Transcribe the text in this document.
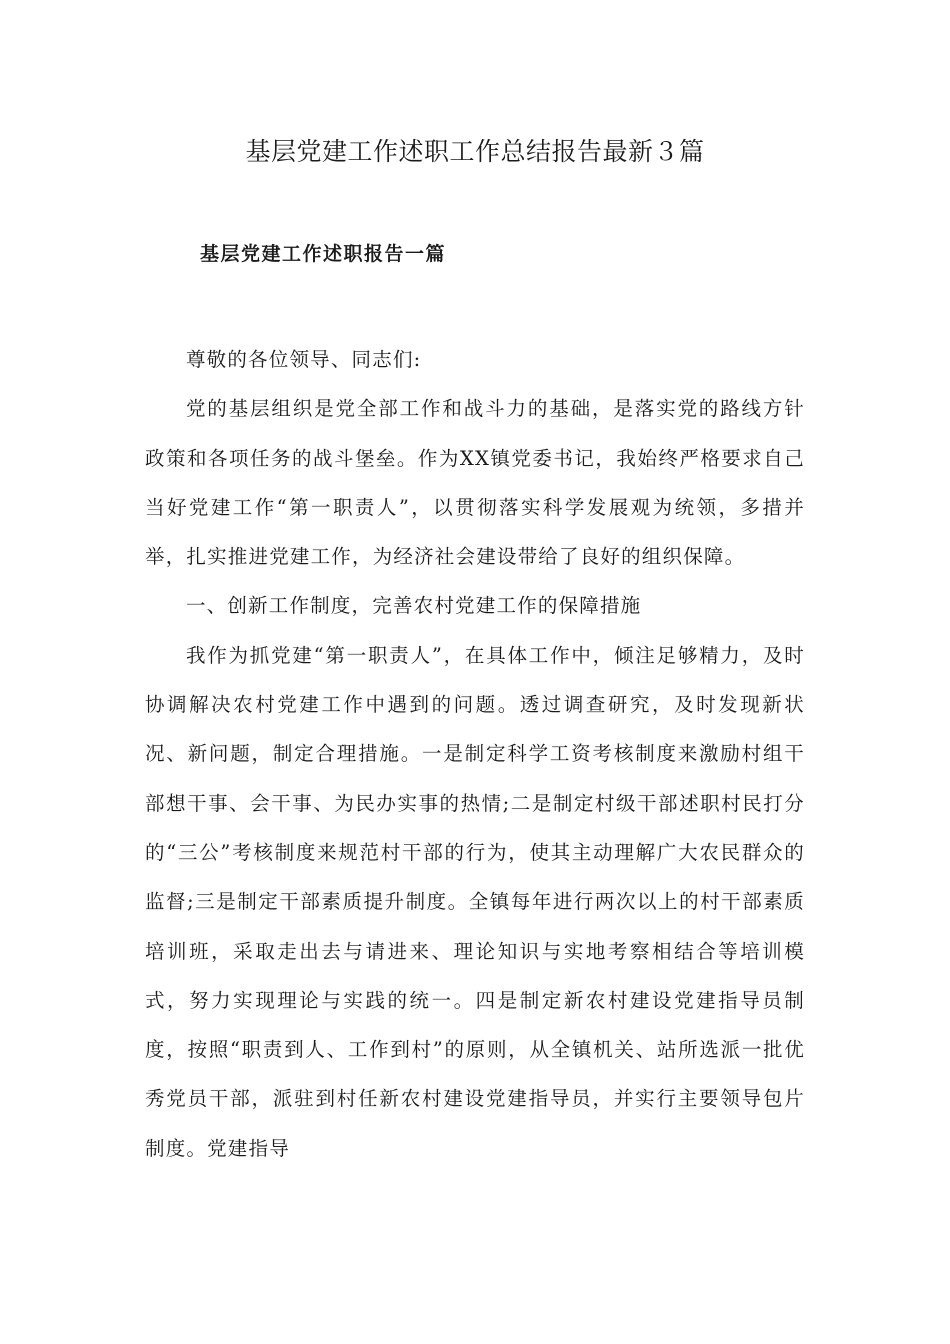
基层党建工作述职工作总结报告最新３篇
基层党建工作述职报告一篇

尊敬的各位领导、同志们:

党的基层组织是党全部工作和战斗力的基础，是落实党的路线方针政策和各项任务的战斗堡垒。作为XX镇党委书记，我始终严格要求自己当好党建工作“第一职责人”，以贯彻落实科学发展观为统领，多措并举，扎实推进党建工作，为经济社会建设带给了良好的组织保障。

一、创新工作制度，完善农村党建工作的保障措施

我作为抓党建“第一职责人”，在具体工作中，倾注足够精力，及时协调解决农村党建工作中遇到的问题。透过调查研究，及时发现新状况、新问题，制定合理措施。一是制定科学工资考核制度来激励村组干部想干事、会干事、为民办实事的热情;二是制定村级干部述职村民打分的“三公”考核制度来规范村干部的行为，使其主动理解广大农民群众的监督;三是制定干部素质提升制度。全镇每年进行两次以上的村干部素质培训班，采取走出去与请进来、理论知识与实地考察相结合等培训模式，努力实现理论与实践的统一。四是制定新农村建设党建指导员制度，按照“职责到人、工作到村”的原则，从全镇机关、站所选派一批优秀党员干部，派驻到村任新农村建设党建指导员，并实行主要领导包片制度。党建指导
